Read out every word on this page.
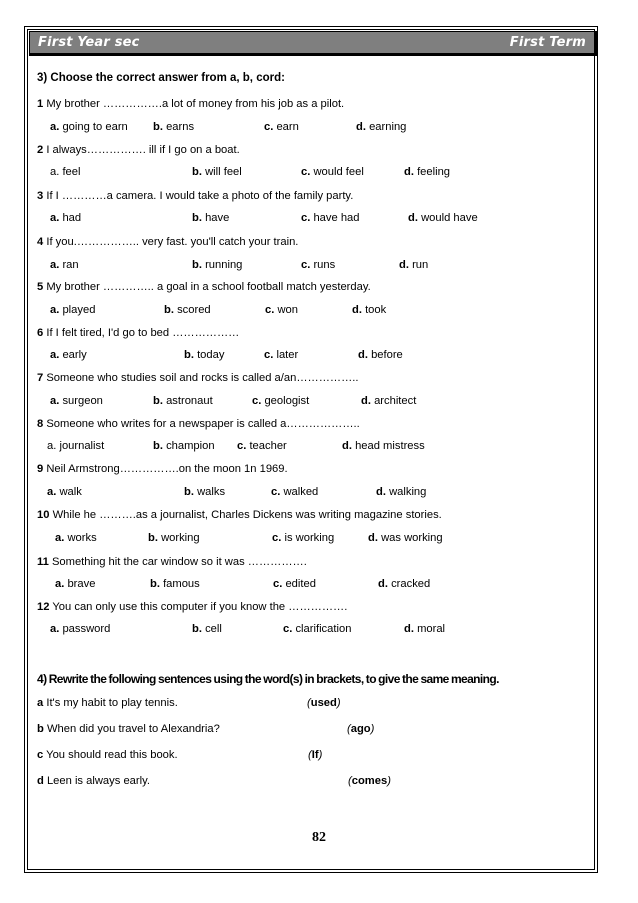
First Year sec	First Term
3) Choose the correct answer from a, b, cord:
1 My brother …………….a lot of money from his job as a pilot.
a. going to earn b. earns	c. earn	d. earning
2 I always……………. ill if I go on a boat.
a. feel	b. will feel	c. would feel	d. feeling
3 If I …………a camera. I would take a photo of the family party.
a. had	b. have	c. have had	d. would have
4 If you.…………….. very fast. you'll catch your train.
a. ran	b. running	c. runs	d. run
5 My brother ………….. a goal in a school football match yesterday.
a. played	b. scored	c. won	d. took
6 If I felt tired, I'd go to bed ………………
a. early	b. today	c. later	d. before
7 Someone who studies soil and rocks is called a/an……………..
a. surgeon	b. astronaut	c. geologist	d. architect
8 Someone who writes for a newspaper is called a………………..
a. journalist	b. champion c. teacher	d. head mistress
9 Neil Armstrong…………….on the moon 1n 1969.
a. walk	b. walks	c. walked	d. walking
10 While he ……….as a journalist, Charles Dickens was writing magazine stories.
a. works	b. working	c. is working	d. was working
11 Something hit the car window so it was …………….
a. brave	b. famous	c. edited	d. cracked
12 You can only use this computer if you know the …………….
a. password	b. cell	c. clarification	d. moral
4) Rewrite the following sentences using the word(s) in brackets, to give the same meaning.
a It's my habit to play tennis.	(used)
b When did you travel to Alexandria?	(ago)
c You should read this book.	(If)
d Leen is always early.	(comes)
82
